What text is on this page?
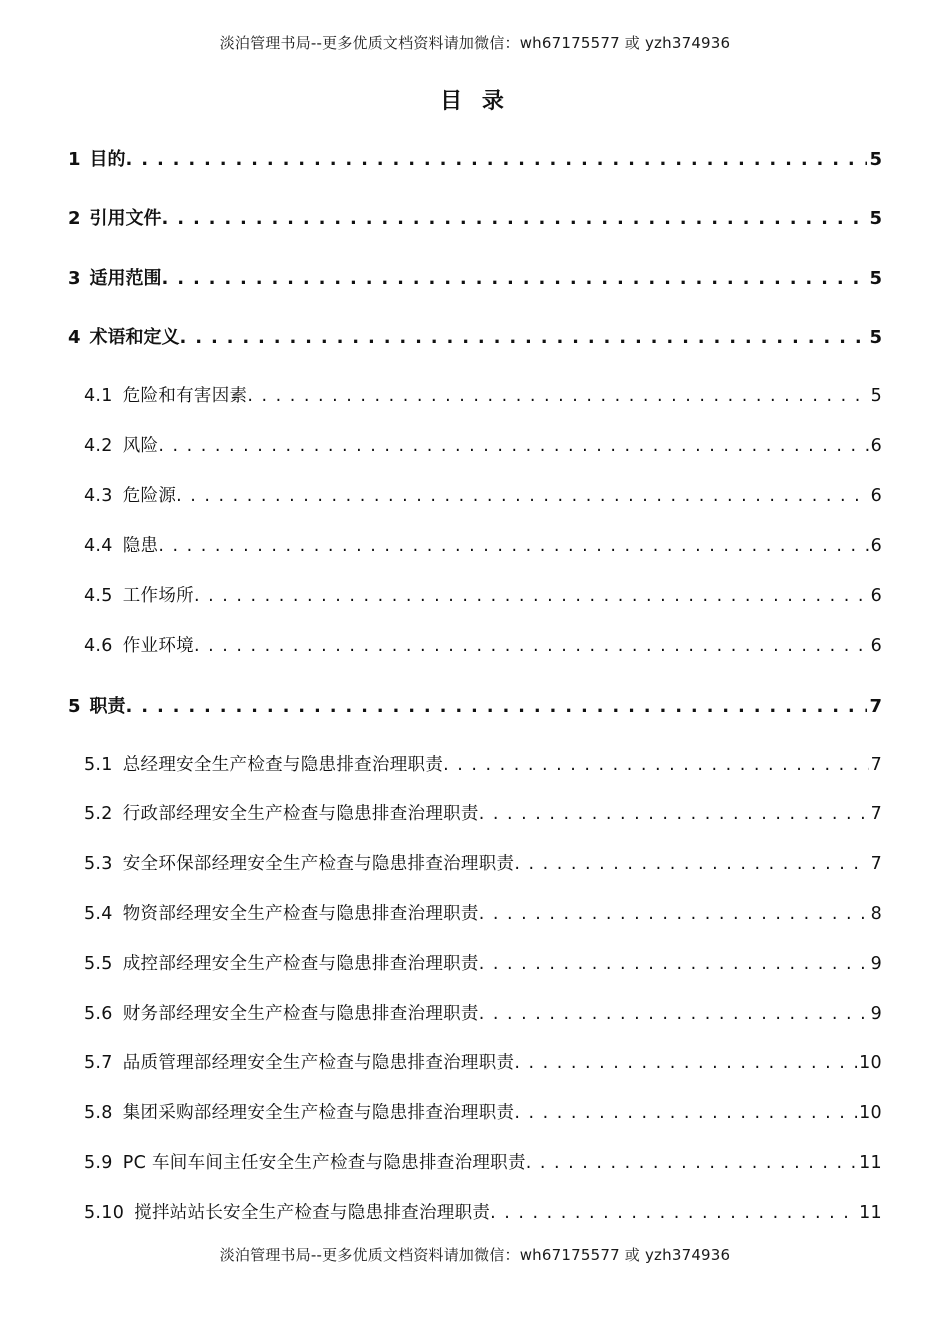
淡泊管理书局--更多优质文档资料请加微信：wh67175577 或 yzh374936
目 录
1 目的 . . .	5
2 引用文件 . . .	5
3 适用范围 . . .	5
4 术语和定义 . . .	5
4.1 危险和有害因素 . . .	5
4.2 风险 . . .	6
4.3 危险源 . . .	6
4.4 隐患 . . .	6
4.5 工作场所 . . .	6
4.6 作业环境 . . .	6
5 职责 . . .	7
5.1 总经理安全生产检查与隐患排查治理职责 . . .	7
5.2 行政部经理安全生产检查与隐患排查治理职责 . . .	7
5.3 安全环保部经理安全生产检查与隐患排查治理职责 . . .	7
5.4 物资部经理安全生产检查与隐患排查治理职责 . . .	8
5.5 成控部经理安全生产检查与隐患排查治理职责 . . .	9
5.6 财务部经理安全生产检查与隐患排查治理职责 . . .	9
5.7 品质管理部经理安全生产检查与隐患排查治理职责 . . .	10
5.8 集团采购部经理安全生产检查与隐患排查治理职责 . . .	10
5.9 PC 车间车间主任安全生产检查与隐患排查治理职责 . . .	11
5.10 搅拌站站长安全生产检查与隐患排查治理职责 . . .	11
淡泊管理书局--更多优质文档资料请加微信：wh67175577 或 yzh374936
